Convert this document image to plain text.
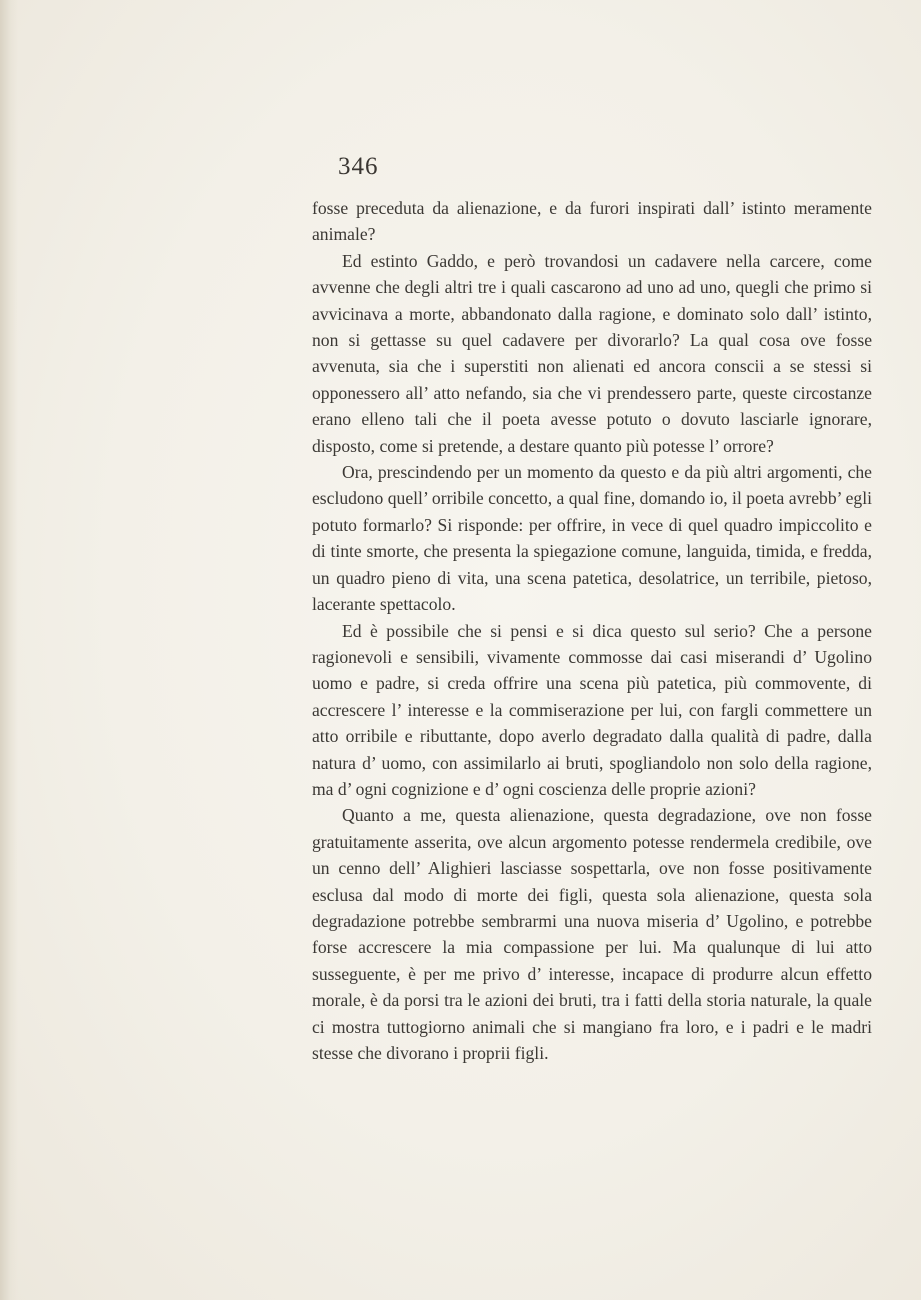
346

fosse preceduta da alienazione, e da furori inspirati dall’ istinto meramente animale?

Ed estinto Gaddo, e però trovandosi un cadavere nella carcere, come avvenne che degli altri tre i quali cascarono ad uno ad uno, quegli che primo si avvicinava a morte, abbandonato dalla ragione, e dominato solo dall’ istinto, non si gettasse su quel cadavere per divorarlo? La qual cosa ove fosse avvenuta, sia che i superstiti non alienati ed ancora conscii a se stessi si opponessero all’ atto nefando, sia che vi prendessero parte, queste circostanze erano elleno tali che il poeta avesse potuto o dovuto lasciarle ignorare, disposto, come si pretende, a destare quanto più potesse l’ orrore?

Ora, prescindendo per un momento da questo e da più altri argomenti, che escludono quell’ orribile concetto, a qual fine, domando io, il poeta avrebb’ egli potuto formarlo? Si risponde: per offrire, in vece di quel quadro impiccolito e di tinte smorte, che presenta la spiegazione comune, languida, timida, e fredda, un quadro pieno di vita, una scena patetica, desolatrice, un terribile, pietoso, lacerante spettacolo.

Ed è possibile che si pensi e si dica questo sul serio? Che a persone ragionevoli e sensibili, vivamente commosse dai casi miserandi d’ Ugolino uomo e padre, si creda offrire una scena più patetica, più commovente, di accrescere l’ interesse e la commiserazione per lui, con fargli commettere un atto orribile e ributtante, dopo averlo degradato dalla qualità di padre, dalla natura d’ uomo, con assimilarlo ai bruti, spogliandolo non solo della ragione, ma d’ ogni cognizione e d’ ogni coscienza delle proprie azioni?

Quanto a me, questa alienazione, questa degradazione, ove non fosse gratuitamente asserita, ove alcun argomento potesse rendermela credibile, ove un cenno dell’ Alighieri lasciasse sospettarla, ove non fosse positivamente esclusa dal modo di morte dei figli, questa sola alienazione, questa sola degradazione potrebbe sembrarmi una nuova miseria d’ Ugolino, e potrebbe forse accrescere la mia compassione per lui. Ma qualunque di lui atto susseguente, è per me privo d’ interesse, incapace di produrre alcun effetto morale, è da porsi tra le azioni dei bruti, tra i fatti della storia naturale, la quale ci mostra tuttogiorno animali che si mangiano fra loro, e i padri e le madri stesse che divorano i proprii figli.
